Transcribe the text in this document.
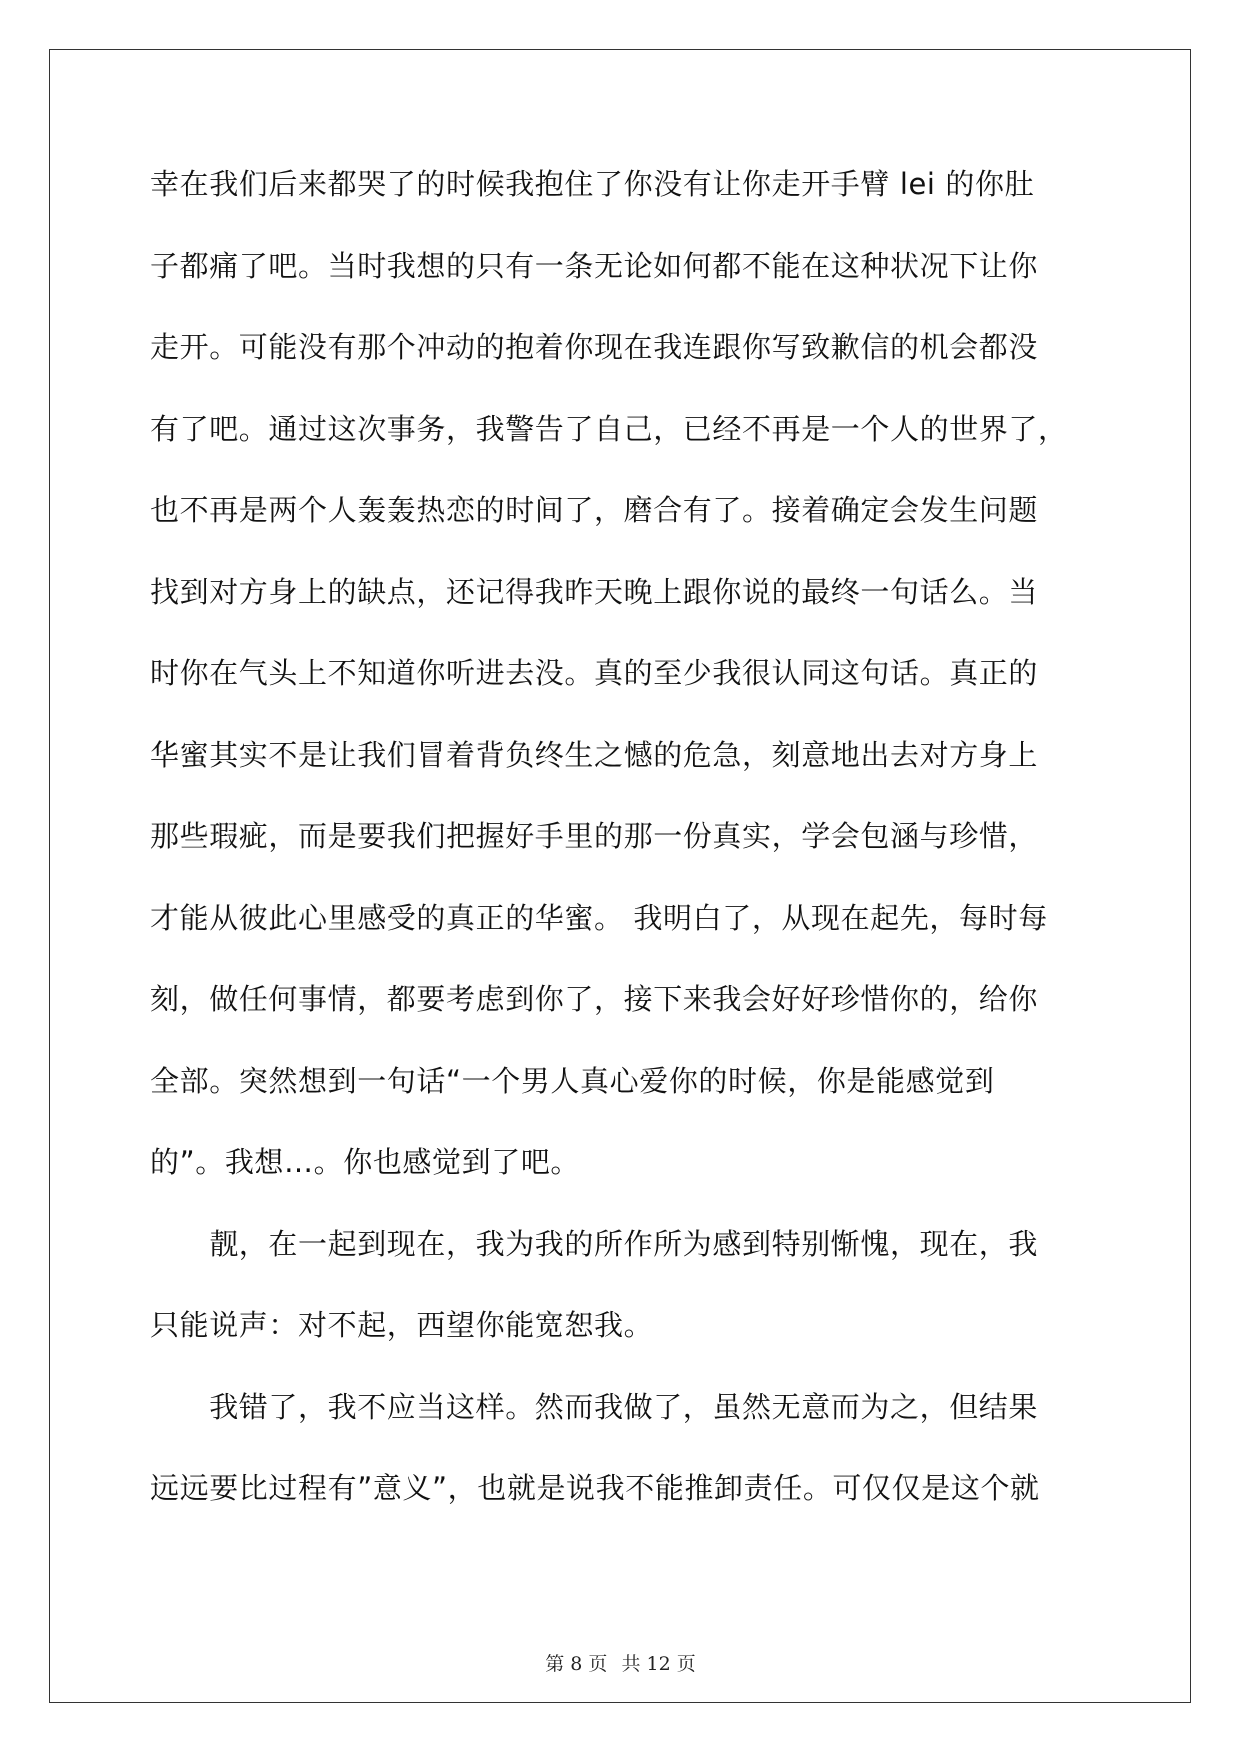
幸在我们后来都哭了的时候我抱住了你没有让你走开手臂 lei 的你肚
子都痛了吧。当时我想的只有一条无论如何都不能在这种状况下让你
走开。可能没有那个冲动的抱着你现在我连跟你写致歉信的机会都没
有了吧。通过这次事务，我警告了自己，已经不再是一个人的世界了，
也不再是两个人轰轰热恋的时间了，磨合有了。接着确定会发生问题
找到对方身上的缺点，还记得我昨天晚上跟你说的最终一句话么。当
时你在气头上不知道你听进去没。真的至少我很认同这句话。真正的
华蜜其实不是让我们冒着背负终生之憾的危急，刻意地出去对方身上
那些瑕疵，而是要我们把握好手里的那一份真实，学会包涵与珍惜，
才能从彼此心里感受的真正的华蜜。 我明白了，从现在起先，每时每
刻，做任何事情，都要考虑到你了，接下来我会好好珍惜你的，给你
全部。突然想到一句话“一个男人真心爱你的时候，你是能感觉到
的”。我想…。你也感觉到了吧。
　　靓，在一起到现在，我为我的所作所为感到特别惭愧，现在，我
只能说声：对不起，西望你能宽恕我。
　　我错了，我不应当这样。然而我做了，虽然无意而为之，但结果
远远要比过程有”意义”，也就是说我不能推卸责任。可仅仅是这个就
第 8 页 共 12 页
